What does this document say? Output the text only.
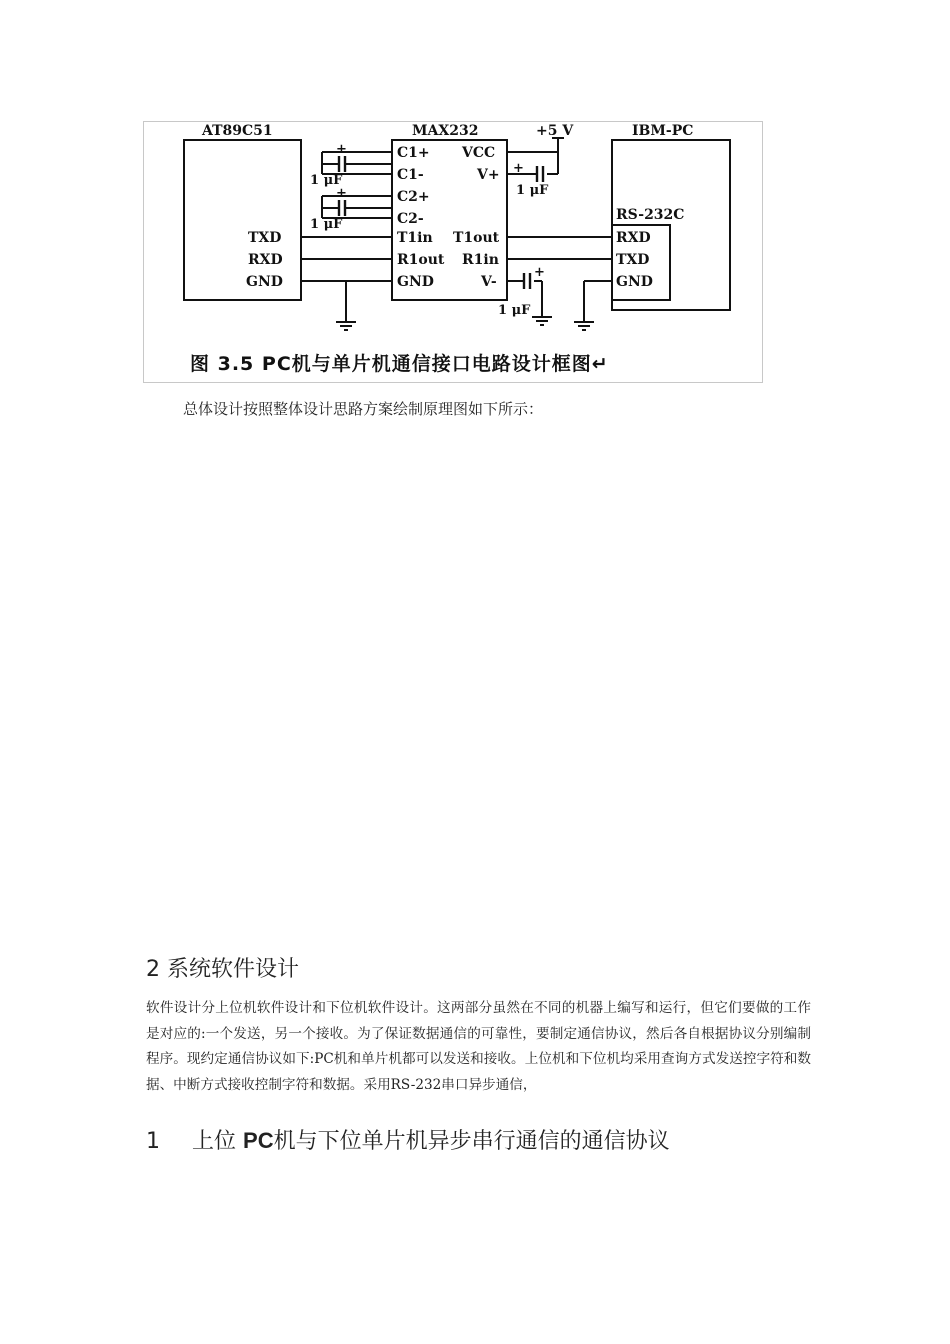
AT89C51	MAX232	+5 V	IBM-PC
RS-232C
TXD
RXD
GND
C1+
C1-
C2+
C2-
T1in
R1out
GND
VCC
V+
T1out
R1in
V-
RXD
TXD
GND
1 μF
1 μF
1 μF
1 μF
+
+
+
+
图 3.5 PC机与单片机通信接口电路设计框图↵
总体设计按照整体设计思路方案绘制原理图如下所示：
2 系统软件设计
软件设计分上位机软件设计和下位机软件设计。这两部分虽然在不同的机器上编写和运行，但它们要做的工作是对应的:一个发送，另一个接收。为了保证数据通信的可靠性，要制定通信协议，然后各自根据协议分别编制程序。现约定通信协议如下:PC机和单片机都可以发送和接收。上位机和下位机均采用查询方式发送控字符和数据、中断方式接收控制字符和数据。采用RS-232串口异步通信，
1 上位 PC机与下位单片机异步串行通信的通信协议
